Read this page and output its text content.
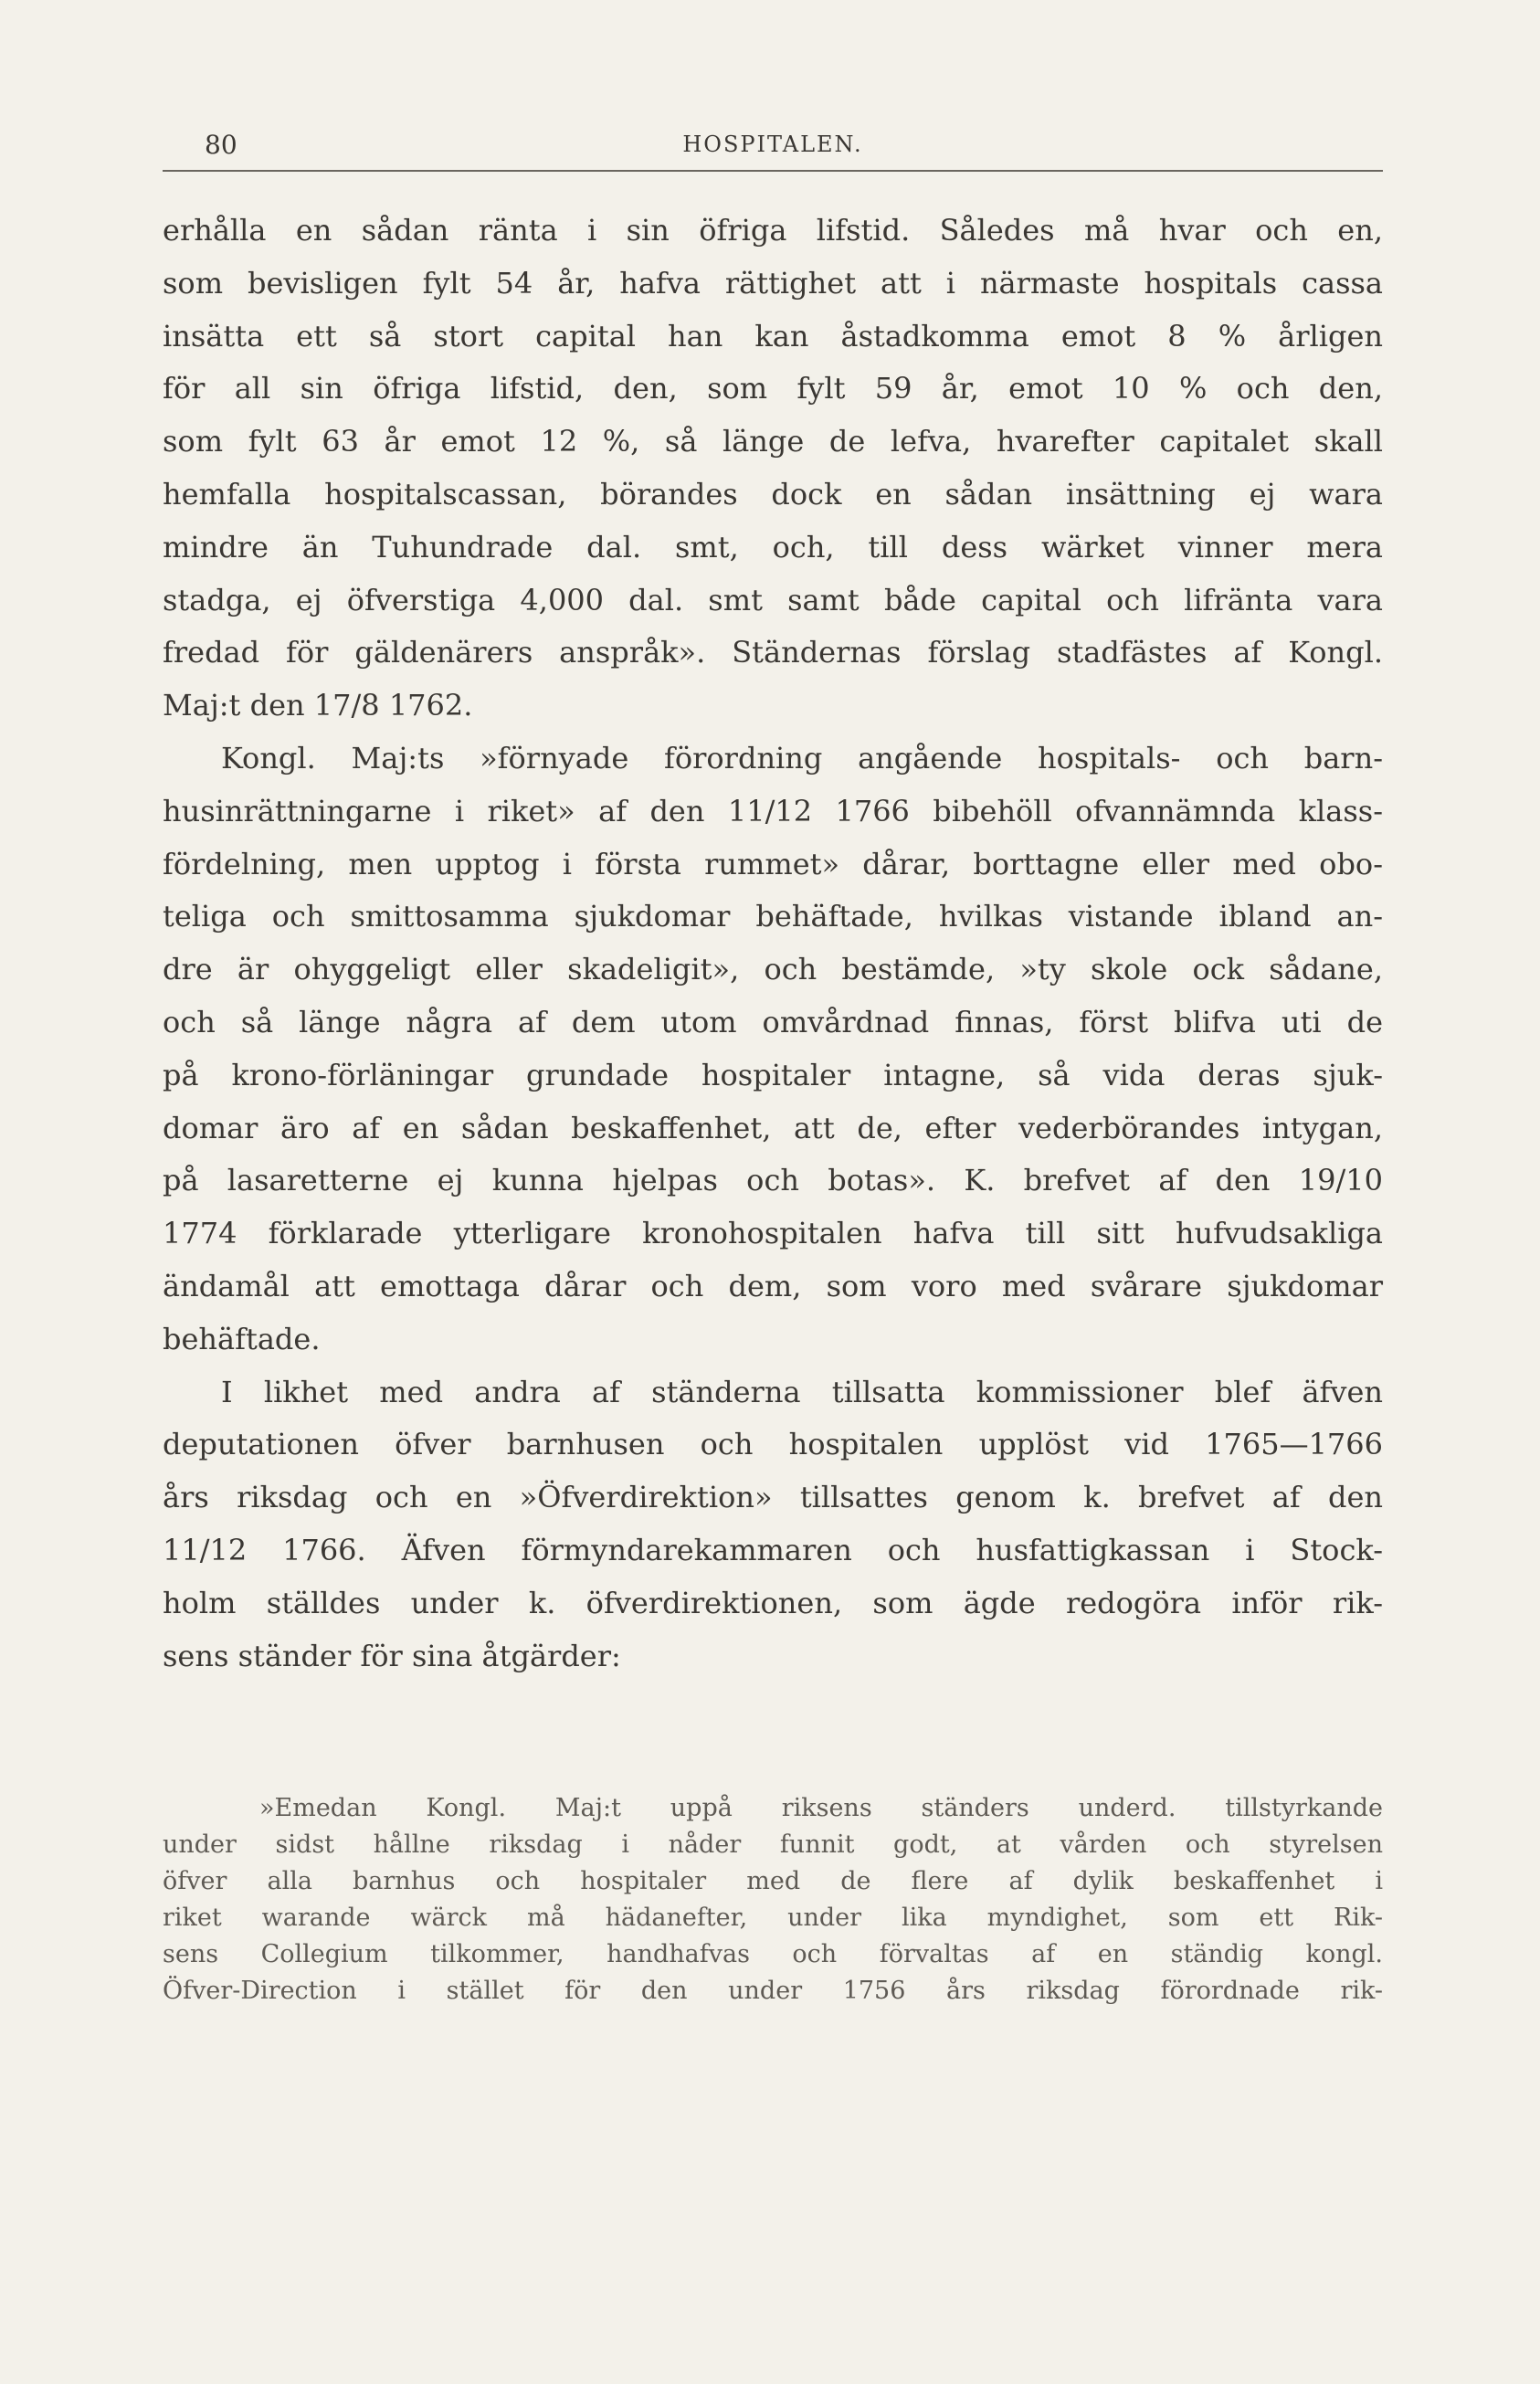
80	HOSPITALEN.
erhålla en sådan ränta i sin öfriga lifstid. Således må hvar och en,
som bevisligen fylt 54 år, hafva rättighet att i närmaste hospitals cassa
insätta ett så stort capital han kan åstadkomma emot 8 % årligen
för all sin öfriga lifstid, den, som fylt 59 år, emot 10 % och den,
som fylt 63 år emot 12 %, så länge de lefva, hvarefter capitalet skall
hemfalla hospitalscassan, börandes dock en sådan insättning ej wara
mindre än Tuhundrade dal. smt, och, till dess wärket vinner mera
stadga, ej öfverstiga 4,000 dal. smt samt både capital och lifränta vara
fredad för gäldenärers anspråk». Ständernas förslag stadfästes af Kongl.
Maj:t den 17/8 1762.
Kongl. Maj:ts »förnyade förordning angående hospitals- och barn-
husinrättningarne i riket» af den 11/12 1766 bibehöll ofvannämnda klass-
fördelning, men upptog i första rummet» dårar, borttagne eller med obo-
teliga och smittosamma sjukdomar behäftade, hvilkas vistande ibland an-
dre är ohyggeligt eller skadeligit», och bestämde, »ty skole ock sådane,
och så länge några af dem utom omvårdnad finnas, först blifva uti de
på krono-förläningar grundade hospitaler intagne, så vida deras sjuk-
domar äro af en sådan beskaffenhet, att de, efter vederbörandes intygan,
på lasaretterne ej kunna hjelpas och botas». K. brefvet af den 19/10
1774 förklarade ytterligare kronohospitalen hafva till sitt hufvudsakliga
ändamål att emottaga dårar och dem, som voro med svårare sjukdomar
behäftade.
I likhet med andra af ständerna tillsatta kommissioner blef äfven
deputationen öfver barnhusen och hospitalen upplöst vid 1765—1766
års riksdag och en »Öfverdirektion» tillsattes genom k. brefvet af den
11/12 1766. Äfven förmyndarekammaren och husfattigkassan i Stock-
holm ställdes under k. öfverdirektionen, som ägde redogöra inför rik-
sens ständer för sina åtgärder:
»Emedan Kongl. Maj:t uppå riksens ständers underd. tillstyrkande
under sidst hållne riksdag i nåder funnit godt, at vården och styrelsen
öfver alla barnhus och hospitaler med de flere af dylik beskaffenhet i
riket warande wärck må hädanefter, under lika myndighet, som ett Rik-
sens Collegium tilkommer, handhafvas och förvaltas af en ständig kongl.
Öfver-Direction i stället för den under 1756 års riksdag förordnade rik-
